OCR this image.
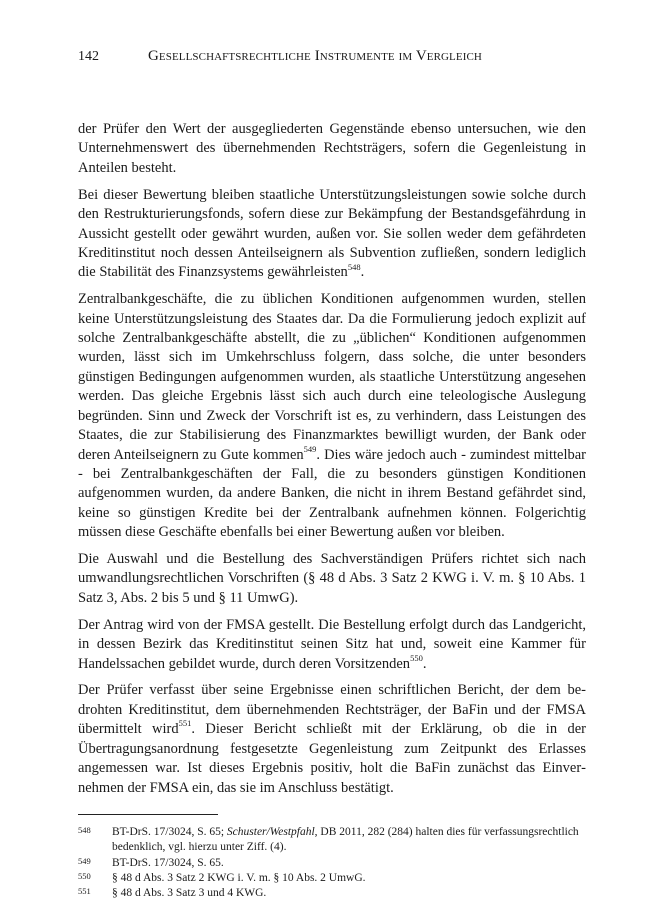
142	Gesellschaftsrechtliche Instrumente im Vergleich

der Prüfer den Wert der ausgegliederten Gegenstände ebenso untersuchen, wie den Unternehmenswert des übernehmenden Rechtsträgers, sofern die Gegenleistung in Anteilen besteht.

Bei dieser Bewertung bleiben staatliche Unterstützungsleistungen sowie solche durch den Restrukturierungsfonds, sofern diese zur Bekämpfung der Bestandsgefährdung in Aussicht gestellt oder gewährt wurden, außen vor. Sie sollen weder dem gefährdeten Kreditinstitut noch dessen Anteilseignern als Subvention zufließen, sondern lediglich die Stabilität des Finanzsystems gewährleisten$^{548}$.

Zentralbankgeschäfte, die zu üblichen Konditionen aufgenommen wurden, stellen keine Unterstützungsleistung des Staates dar. Da die Formulierung jedoch explizit auf solche Zentralbankgeschäfte abstellt, die zu „üblichen“ Konditionen aufgenommen wurden, lässt sich im Umkehrschluss folgern, dass solche, die unter besonders günstigen Bedingungen aufgenommen wurden, als staatliche Unterstützung angesehen werden. Das gleiche Ergebnis lässt sich auch durch eine teleologische Auslegung begründen. Sinn und Zweck der Vorschrift ist es, zu verhindern, dass Leistungen des Staates, die zur Stabilisierung des Finanzmarktes bewilligt wurden, der Bank oder deren Anteilseignern zu Gute kommen$^{549}$. Dies wäre jedoch auch - zumindest mittelbar - bei Zentralbankgeschäften der Fall, die zu besonders günstigen Konditionen aufgenommen wurden, da andere Banken, die nicht in ihrem Bestand gefährdet sind, keine so günstigen Kredite bei der Zentralbank aufnehmen können. Folgerichtig müssen diese Geschäfte ebenfalls bei einer Bewertung außen vor bleiben.

Die Auswahl und die Bestellung des Sachverständigen Prüfers richtet sich nach umwandlungsrechtlichen Vorschriften (§ 48 d Abs. 3 Satz 2 KWG i. V. m. § 10 Abs. 1 Satz 3, Abs. 2 bis 5 und § 11 UmwG).

Der Antrag wird von der FMSA gestellt. Die Bestellung erfolgt durch das Landgericht, in dessen Bezirk das Kreditinstitut seinen Sitz hat und, soweit eine Kammer für Handelssachen gebildet wurde, durch deren Vorsitzenden$^{550}$.

Der Prüfer verfasst über seine Ergebnisse einen schriftlichen Bericht, der dem bedrohten Kreditinstitut, dem übernehmenden Rechtsträger, der BaFin und der FMSA übermittelt wird$^{551}$. Dieser Bericht schließt mit der Erklärung, ob die in der Übertragungsanordnung festgesetzte Gegenleistung zum Zeitpunkt des Erlasses angemessen war. Ist dieses Ergebnis positiv, holt die BaFin zunächst das Einvernehmen der FMSA ein, das sie im Anschluss bestätigt.

548	BT-DrS. 17/3024, S. 65; Schuster/Westpfahl, DB 2011, 282 (284) halten dies für verfassungsrechtlich bedenklich, vgl. hierzu unter Ziff. (4).
549	BT-DrS. 17/3024, S. 65.
550	§ 48 d Abs. 3 Satz 2 KWG i. V. m. § 10 Abs. 2 UmwG.
551	§ 48 d Abs. 3 Satz 3 und 4 KWG.
